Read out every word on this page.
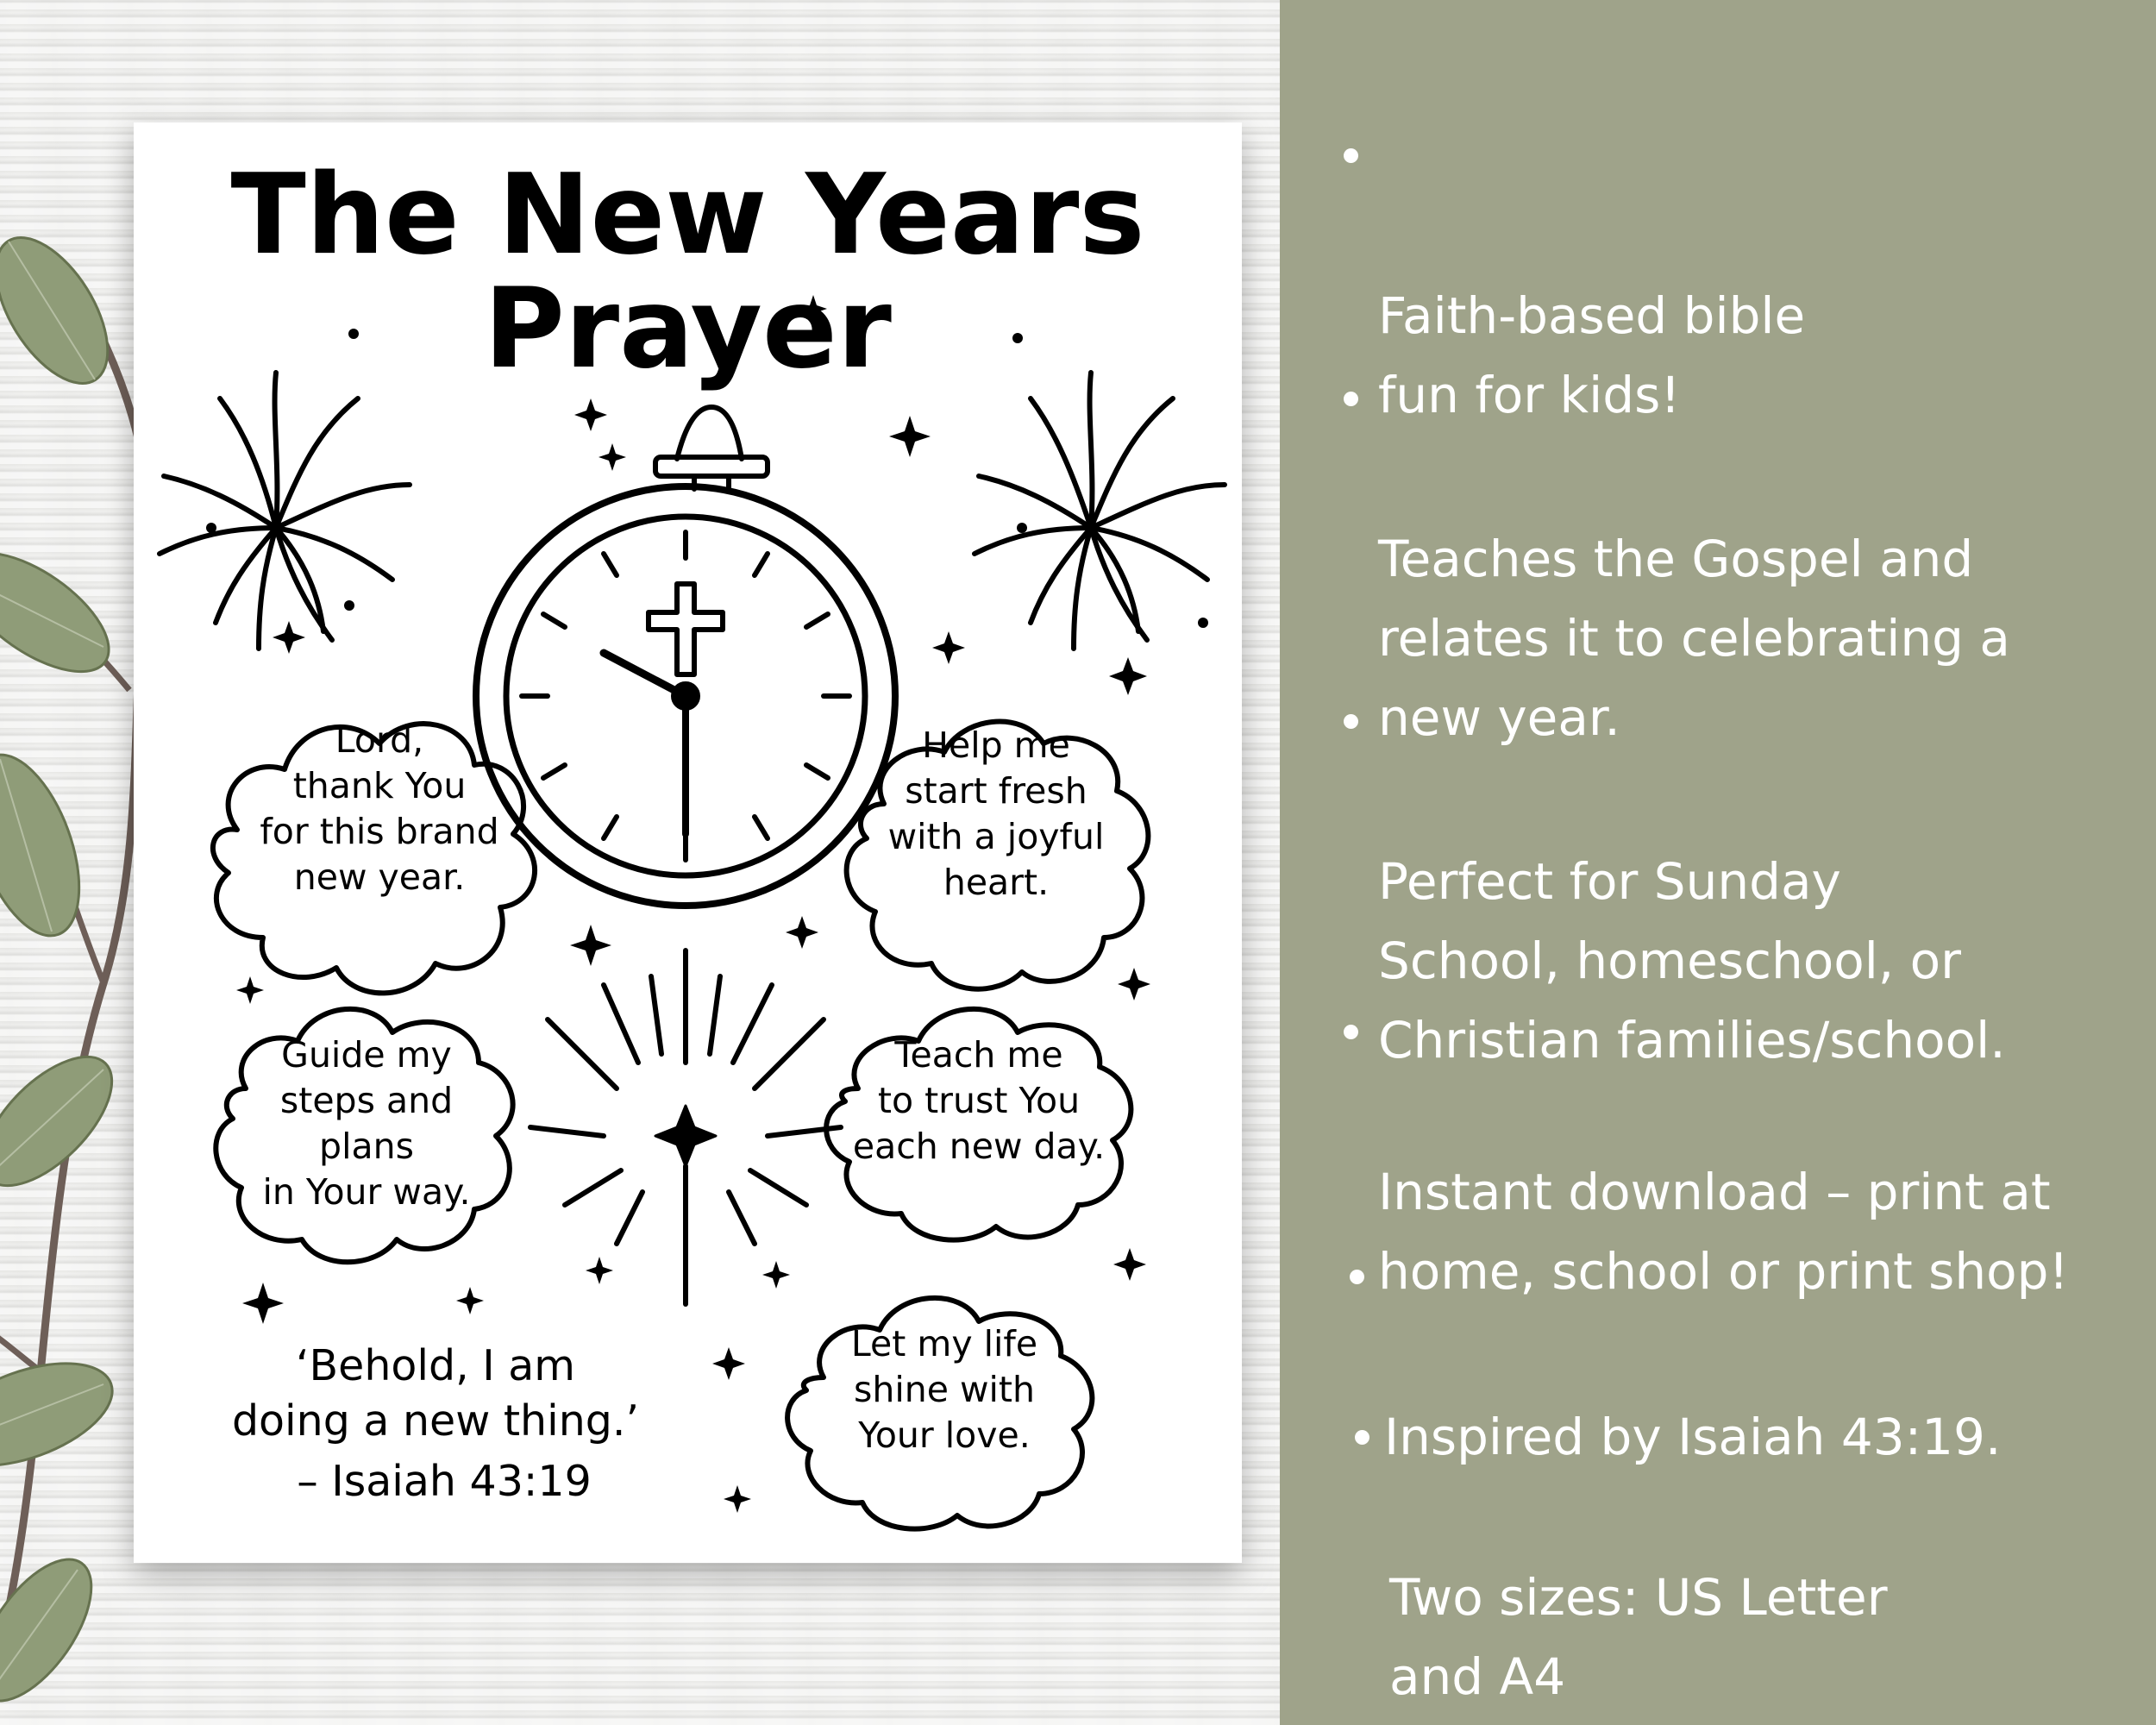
The New Years
Prayer
Lord,
thank You
for this brand
new year.
Help me
start fresh
with a joyful
heart.
Guide my
steps and
plans
in Your way.
Teach me
to trust You
each new day.
Let my life
shine with
Your love.
‘Behold, I am
doing a new thing.’
– Isaiah 43:19

Faith-based bible
fun for kids!

Teaches the Gospel and
relates it to celebrating a
new year.

Perfect for Sunday
School, homeschool, or
Christian families/school.

Instant download – print at
home, school or print shop!

Inspired by Isaiah 43:19.

Two sizes: US Letter
and A4
